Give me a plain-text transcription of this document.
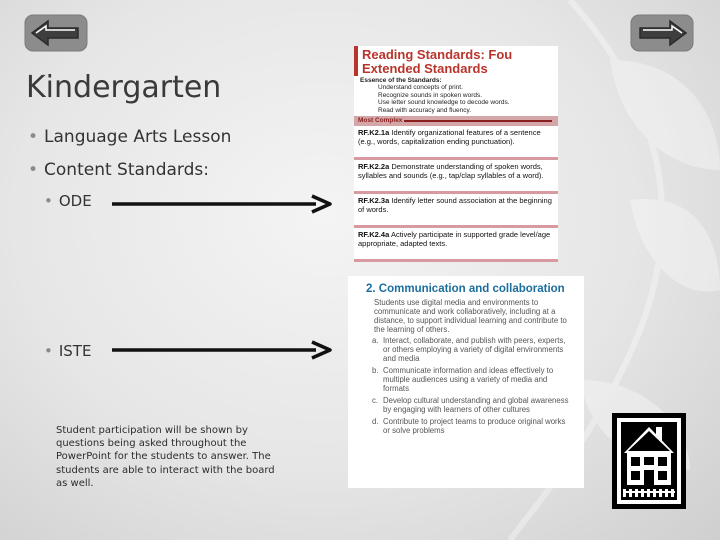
Kindergarten
• Language Arts Lesson
• Content Standards:
• ODE
• ISTE
Student participation will be shown by questions being asked throughout the PowerPoint for the students to answer. The students are able to interact with the board as well.
Reading Standards: Fou
Extended Standards
Essence of the Standards:
• Understand concepts of print.
• Recognize sounds in spoken words.
• Use letter sound knowledge to decode words.
• Read with accuracy and fluency.
Most Complex
RF.K2.1a Identify organizational features of a sentence (e.g., words, capitalization ending punctuation).
RF.K2.2a Demonstrate understanding of spoken words, syllables and sounds (e.g., tap/clap syllables of a word).
RF.K2.3a Identify letter sound association at the beginning of words.
RF.K2.4a Actively participate in supported grade level/age appropriate, adapted texts.
2. Communication and collaboration
Students use digital media and environments to communicate and work collaboratively, including at a distance, to support individual learning and contribute to the learning of others.
a. Interact, collaborate, and publish with peers, experts, or others employing a variety of digital environments and media
b. Communicate information and ideas effectively to multiple audiences using a variety of media and formats
c. Develop cultural understanding and global awareness by engaging with learners of other cultures
d. Contribute to project teams to produce original works or solve problems
